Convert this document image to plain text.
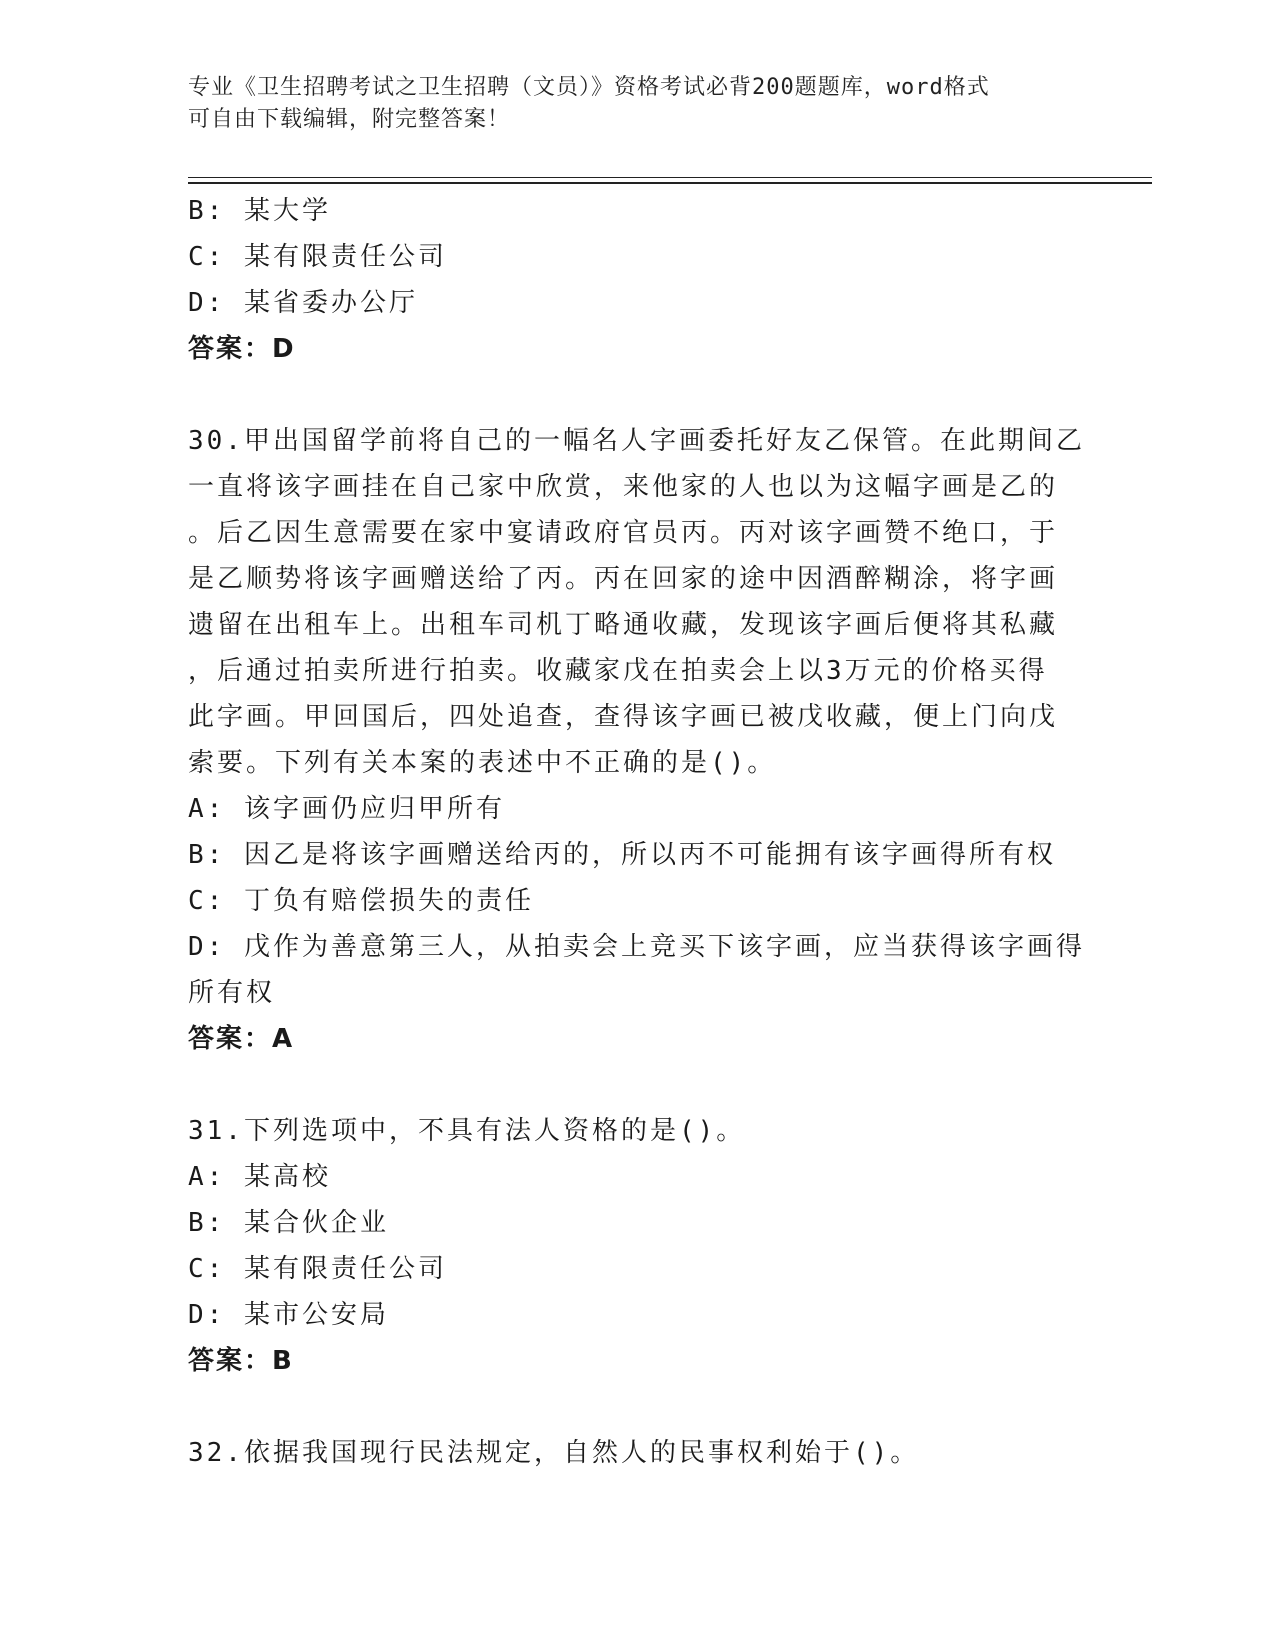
专业《卫生招聘考试之卫生招聘（文员）》资格考试必背200题题库，word格式
可自由下载编辑，附完整答案！
B: 某大学
C: 某有限责任公司
D: 某省委办公厅
答案：D
30.甲出国留学前将自己的一幅名人字画委托好友乙保管。在此期间乙
一直将该字画挂在自己家中欣赏，来他家的人也以为这幅字画是乙的
。后乙因生意需要在家中宴请政府官员丙。丙对该字画赞不绝口，于
是乙顺势将该字画赠送给了丙。丙在回家的途中因酒醉糊涂，将字画
遗留在出租车上。出租车司机丁略通收藏，发现该字画后便将其私藏
，后通过拍卖所进行拍卖。收藏家戊在拍卖会上以3万元的价格买得
此字画。甲回国后，四处追查，查得该字画已被戊收藏，便上门向戊
索要。下列有关本案的表述中不正确的是()。
A: 该字画仍应归甲所有
B: 因乙是将该字画赠送给丙的，所以丙不可能拥有该字画得所有权
C: 丁负有赔偿损失的责任
D: 戊作为善意第三人，从拍卖会上竞买下该字画，应当获得该字画得
所有权
答案：A
31.下列选项中，不具有法人资格的是()。
A: 某高校
B: 某合伙企业
C: 某有限责任公司
D: 某市公安局
答案：B
32.依据我国现行民法规定，自然人的民事权利始于()。
